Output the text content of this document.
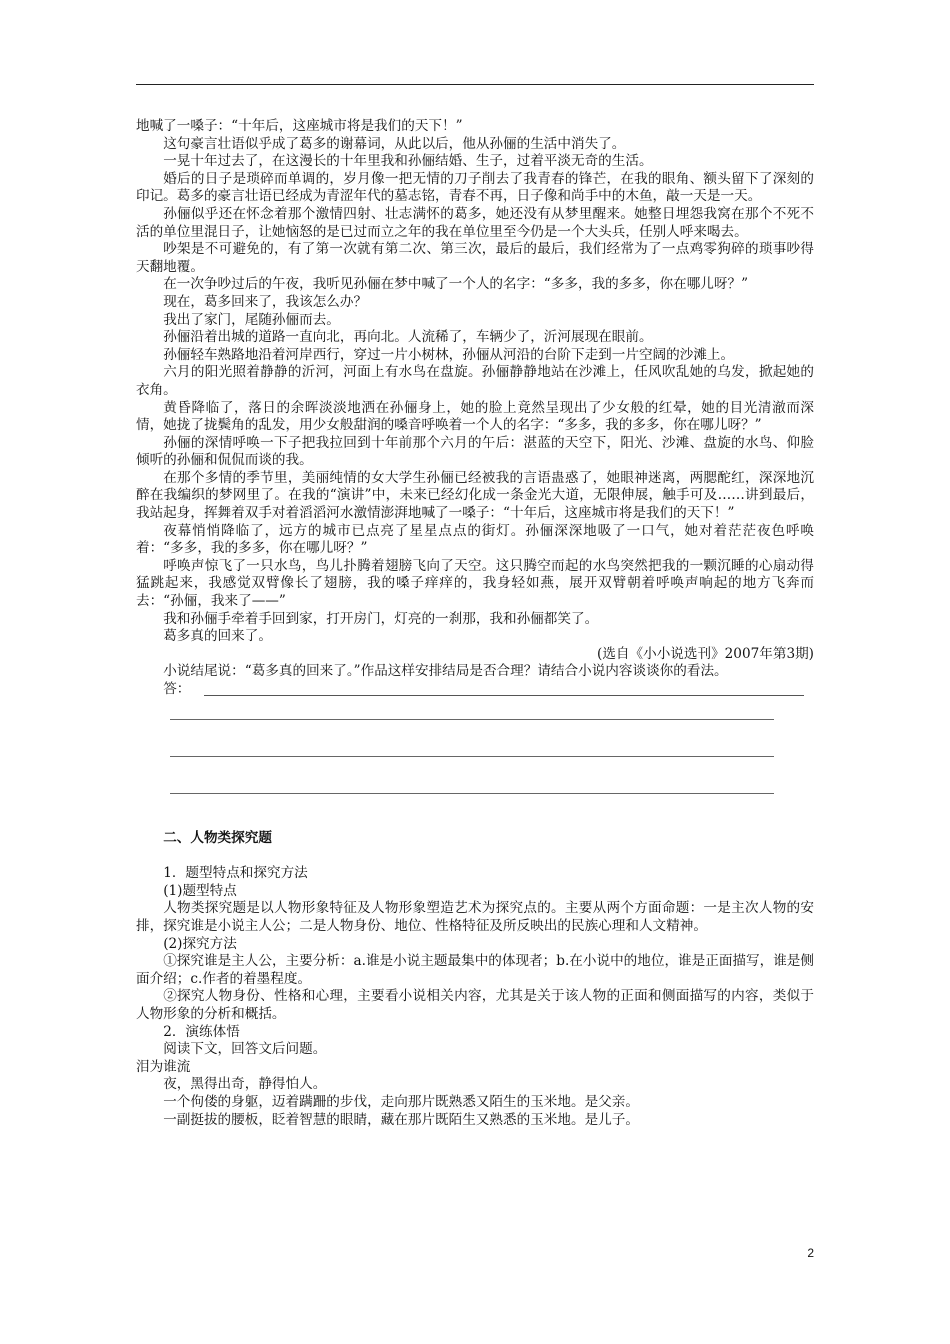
地喊了一嗓子：“十年后，这座城市将是我们的天下！”

这句豪言壮语似乎成了葛多的谢幕词，从此以后，他从孙俪的生活中消失了。

一晃十年过去了，在这漫长的十年里我和孙俪结婚、生子，过着平淡无奇的生活。

婚后的日子是琐碎而单调的，岁月像一把无情的刀子削去了我青春的锋芒，在我的眼角、额头留下了深刻的印记。葛多的豪言壮语已经成为青涩年代的墓志铭，青春不再，日子像和尚手中的木鱼，敲一天是一天。

孙俪似乎还在怀念着那个激情四射、壮志满怀的葛多，她还没有从梦里醒来。她整日埋怨我窝在那个不死不活的单位里混日子，让她恼怒的是已过而立之年的我在单位里至今仍是一个大头兵，任别人呼来喝去。

吵架是不可避免的，有了第一次就有第二次、第三次，最后的最后，我们经常为了一点鸡零狗碎的琐事吵得天翻地覆。

在一次争吵过后的午夜，我听见孙俪在梦中喊了一个人的名字：“多多，我的多多，你在哪儿呀？”

现在，葛多回来了，我该怎么办？

我出了家门，尾随孙俪而去。

孙俪沿着出城的道路一直向北，再向北。人流稀了，车辆少了，沂河展现在眼前。

孙俪轻车熟路地沿着河岸西行，穿过一片小树林，孙俪从河沿的台阶下走到一片空阔的沙滩上。

六月的阳光照着静静的沂河，河面上有水鸟在盘旋。孙俪静静地站在沙滩上，任风吹乱她的乌发，掀起她的衣角。

黄昏降临了，落日的余晖淡淡地洒在孙俪身上，她的脸上竟然呈现出了少女般的红晕，她的目光清澈而深情，她拢了拢鬓角的乱发，用少女般甜润的嗓音呼唤着一个人的名字：“多多，我的多多，你在哪儿呀？”

孙俪的深情呼唤一下子把我拉回到十年前那个六月的午后：湛蓝的天空下，阳光、沙滩、盘旋的水鸟、仰脸倾听的孙俪和侃侃而谈的我。

在那个多情的季节里，美丽纯情的女大学生孙俪已经被我的言语蛊惑了，她眼神迷离，两腮酡红，深深地沉醉在我编织的梦网里了。在我的“演讲”中，未来已经幻化成一条金光大道，无限伸展，触手可及……讲到最后，我站起身，挥舞着双手对着滔滔河水激情澎湃地喊了一嗓子：“十年后，这座城市将是我们的天下！”

夜幕悄悄降临了，远方的城市已点亮了星星点点的街灯。孙俪深深地吸了一口气，她对着茫茫夜色呼唤着：“多多，我的多多，你在哪儿呀？”

呼唤声惊飞了一只水鸟，鸟儿扑腾着翅膀飞向了天空。这只腾空而起的水鸟突然把我的一颗沉睡的心扇动得猛跳起来，我感觉双臂像长了翅膀，我的嗓子痒痒的，我身轻如燕，展开双臂朝着呼唤声响起的地方飞奔而去：“孙俪，我来了——”

我和孙俪手牵着手回到家，打开房门，灯亮的一刹那，我和孙俪都笑了。

葛多真的回来了。

(选自《小小说选刊》2007年第3期)

小说结尾说：“葛多真的回来了。”作品这样安排结局是否合理？请结合小说内容谈谈你的看法。

答：
二、人物类探究题

1．题型特点和探究方法

(1)题型特点

人物类探究题是以人物形象特征及人物形象塑造艺术为探究点的。主要从两个方面命题：一是主次人物的安排，探究谁是小说主人公；二是人物身份、地位、性格特征及所反映出的民族心理和人文精神。

(2)探究方法

①探究谁是主人公，主要分析：a.谁是小说主题最集中的体现者；b.在小说中的地位，谁是正面描写，谁是侧面介绍；c.作者的着墨程度。

②探究人物身份、性格和心理，主要看小说相关内容，尤其是关于该人物的正面和侧面描写的内容，类似于人物形象的分析和概括。

2．演练体悟

阅读下文，回答文后问题。

泪为谁流

夜，黑得出奇，静得怕人。

一个佝偻的身躯，迈着蹒跚的步伐，走向那片既熟悉又陌生的玉米地。是父亲。

一副挺拔的腰板，眨着智慧的眼睛，藏在那片既陌生又熟悉的玉米地。是儿子。

2
